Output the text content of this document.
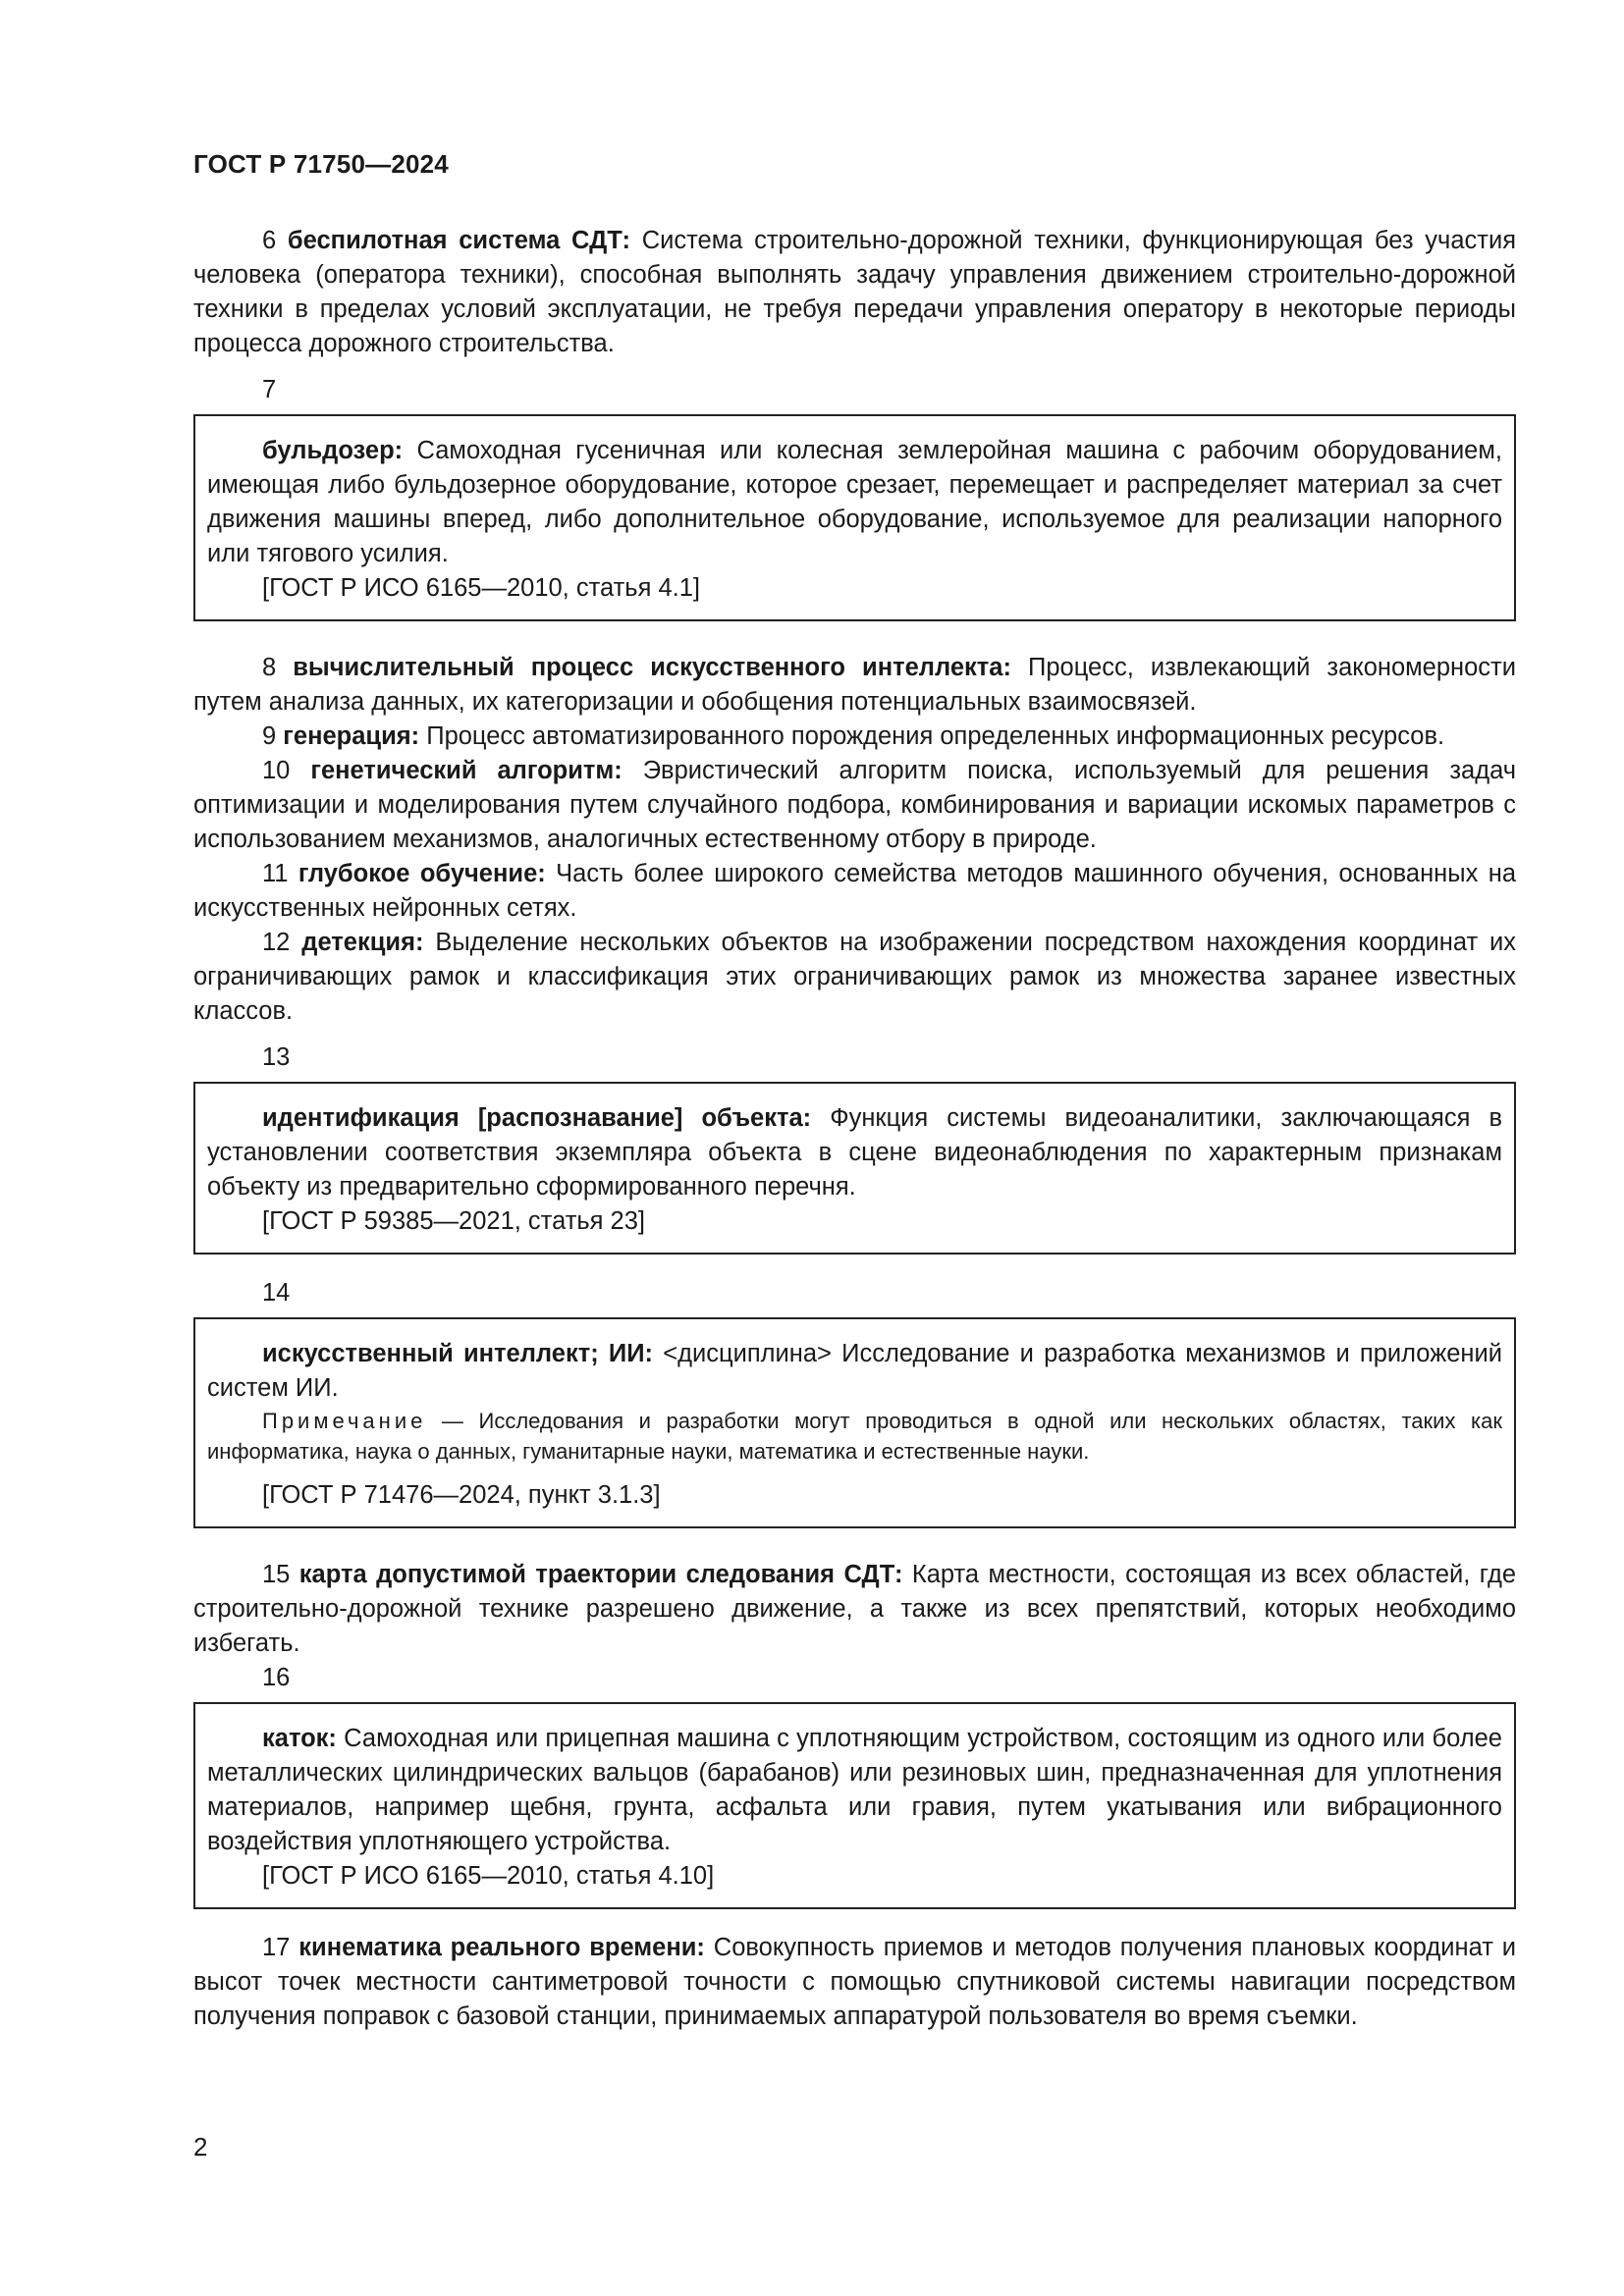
ГОСТ Р 71750—2024

6 беспилотная система СДТ: Система строительно-дорожной техники, функционирующая без участия человека (оператора техники), способная выполнять задачу управления движением строительно-дорожной техники в пределах условий эксплуатации, не требуя передачи управления оператору в некоторые периоды процесса дорожного строительства.

7

бульдозер: Самоходная гусеничная или колесная землеройная машина с рабочим оборудованием, имеющая либо бульдозерное оборудование, которое срезает, перемещает и распределяет материал за счет движения машины вперед, либо дополнительное оборудование, используемое для реализации напорного или тягового усилия.

[ГОСТ Р ИСО 6165—2010, статья 4.1]

8 вычислительный процесс искусственного интеллекта: Процесс, извлекающий закономерности путем анализа данных, их категоризации и обобщения потенциальных взаимосвязей.

9 генерация: Процесс автоматизированного порождения определенных информационных ресурсов.

10 генетический алгоритм: Эвристический алгоритм поиска, используемый для решения задач оптимизации и моделирования путем случайного подбора, комбинирования и вариации искомых параметров с использованием механизмов, аналогичных естественному отбору в природе.

11 глубокое обучение: Часть более широкого семейства методов машинного обучения, основанных на искусственных нейронных сетях.

12 детекция: Выделение нескольких объектов на изображении посредством нахождения координат их ограничивающих рамок и классификация этих ограничивающих рамок из множества заранее известных классов.

13

идентификация [распознавание] объекта: Функция системы видеоаналитики, заключающаяся в установлении соответствия экземпляра объекта в сцене видеонаблюдения по характерным признакам объекту из предварительно сформированного перечня.

[ГОСТ Р 59385—2021, статья 23]
14

искусственный интеллект; ИИ: <дисциплина> Исследование и разработка механизмов и приложений систем ИИ.

Примечание — Исследования и разработки могут проводиться в одной или нескольких областях, таких как информатика, наука о данных, гуманитарные науки, математика и естественные науки.

[ГОСТ Р 71476—2024, пункт 3.1.3]

15 карта допустимой траектории следования СДТ: Карта местности, состоящая из всех областей, где строительно-дорожной технике разрешено движение, а также из всех препятствий, которых необходимо избегать.

16

каток: Самоходная или прицепная машина с уплотняющим устройством, состоящим из одного или более металлических цилиндрических вальцов (барабанов) или резиновых шин, предназначенная для уплотнения материалов, например щебня, грунта, асфальта или гравия, путем укатывания или вибрационного воздействия уплотняющего устройства.

[ГОСТ Р ИСО 6165—2010, статья 4.10]

17 кинематика реального времени: Совокупность приемов и методов получения плановых координат и высот точек местности сантиметровой точности с помощью спутниковой системы навигации посредством получения поправок с базовой станции, принимаемых аппаратурой пользователя во время съемки.

2
